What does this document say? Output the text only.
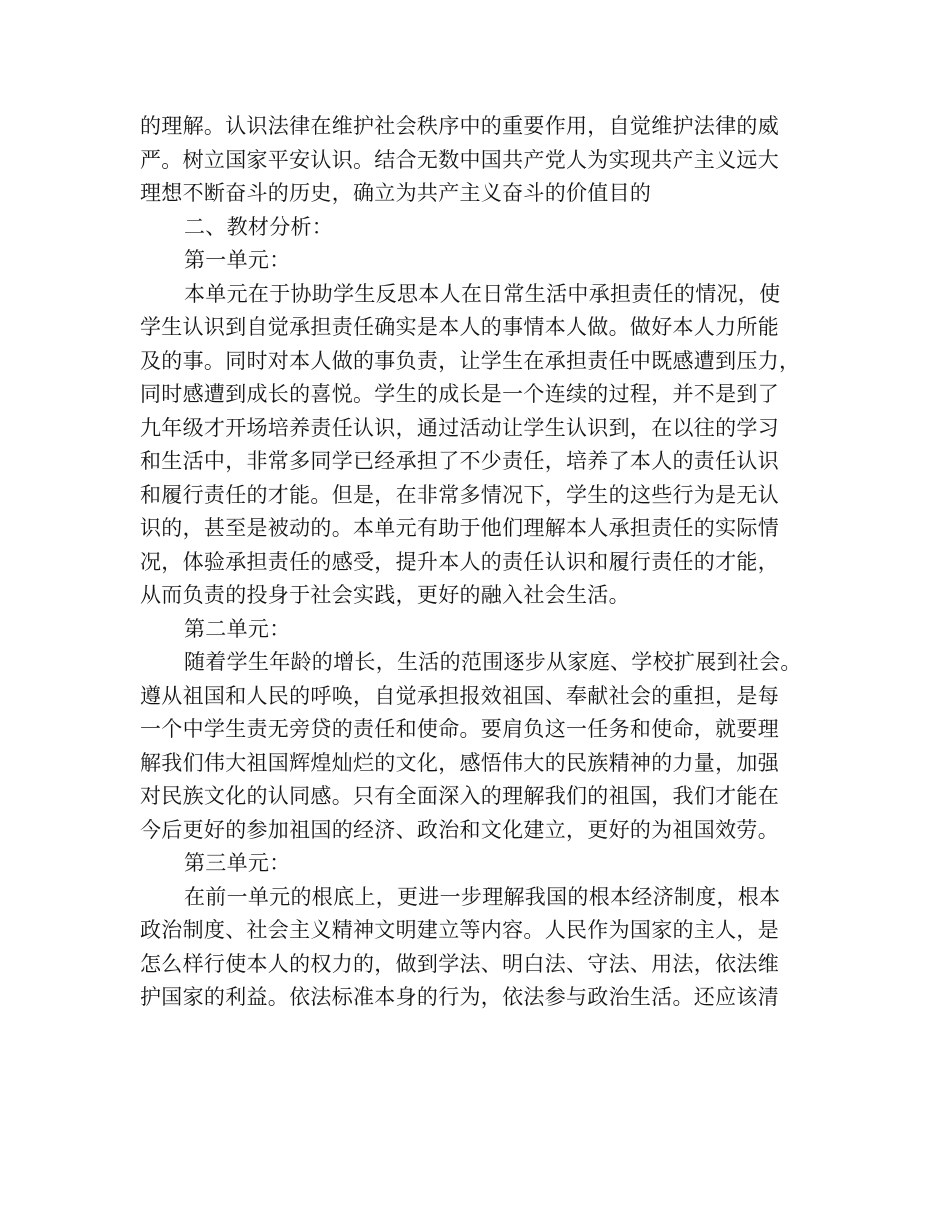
的理解。认识法律在维护社会秩序中的重要作用，自觉维护法律的威
严。树立国家平安认识。结合无数中国共产党人为实现共产主义远大
理想不断奋斗的历史，确立为共产主义奋斗的价值目的
二、教材分析：
第一单元：
本单元在于协助学生反思本人在日常生活中承担责任的情况，使
学生认识到自觉承担责任确实是本人的事情本人做。做好本人力所能
及的事。同时对本人做的事负责，让学生在承担责任中既感遭到压力，
同时感遭到成长的喜悦。学生的成长是一个连续的过程，并不是到了
九年级才开场培养责任认识，通过活动让学生认识到，在以往的学习
和生活中，非常多同学已经承担了不少责任，培养了本人的责任认识
和履行责任的才能。但是，在非常多情况下，学生的这些行为是无认
识的，甚至是被动的。本单元有助于他们理解本人承担责任的实际情
况，体验承担责任的感受，提升本人的责任认识和履行责任的才能，
从而负责的投身于社会实践，更好的融入社会生活。
第二单元：
随着学生年龄的增长，生活的范围逐步从家庭、学校扩展到社会。
遵从祖国和人民的呼唤，自觉承担报效祖国、奉献社会的重担，是每
一个中学生责无旁贷的责任和使命。要肩负这一任务和使命，就要理
解我们伟大祖国辉煌灿烂的文化，感悟伟大的民族精神的力量，加强
对民族文化的认同感。只有全面深入的理解我们的祖国，我们才能在
今后更好的参加祖国的经济、政治和文化建立，更好的为祖国效劳。
第三单元：
在前一单元的根底上，更进一步理解我国的根本经济制度，根本
政治制度、社会主义精神文明建立等内容。人民作为国家的主人，是
怎么样行使本人的权力的，做到学法、明白法、守法、用法，依法维
护国家的利益。依法标准本身的行为，依法参与政治生活。还应该清
